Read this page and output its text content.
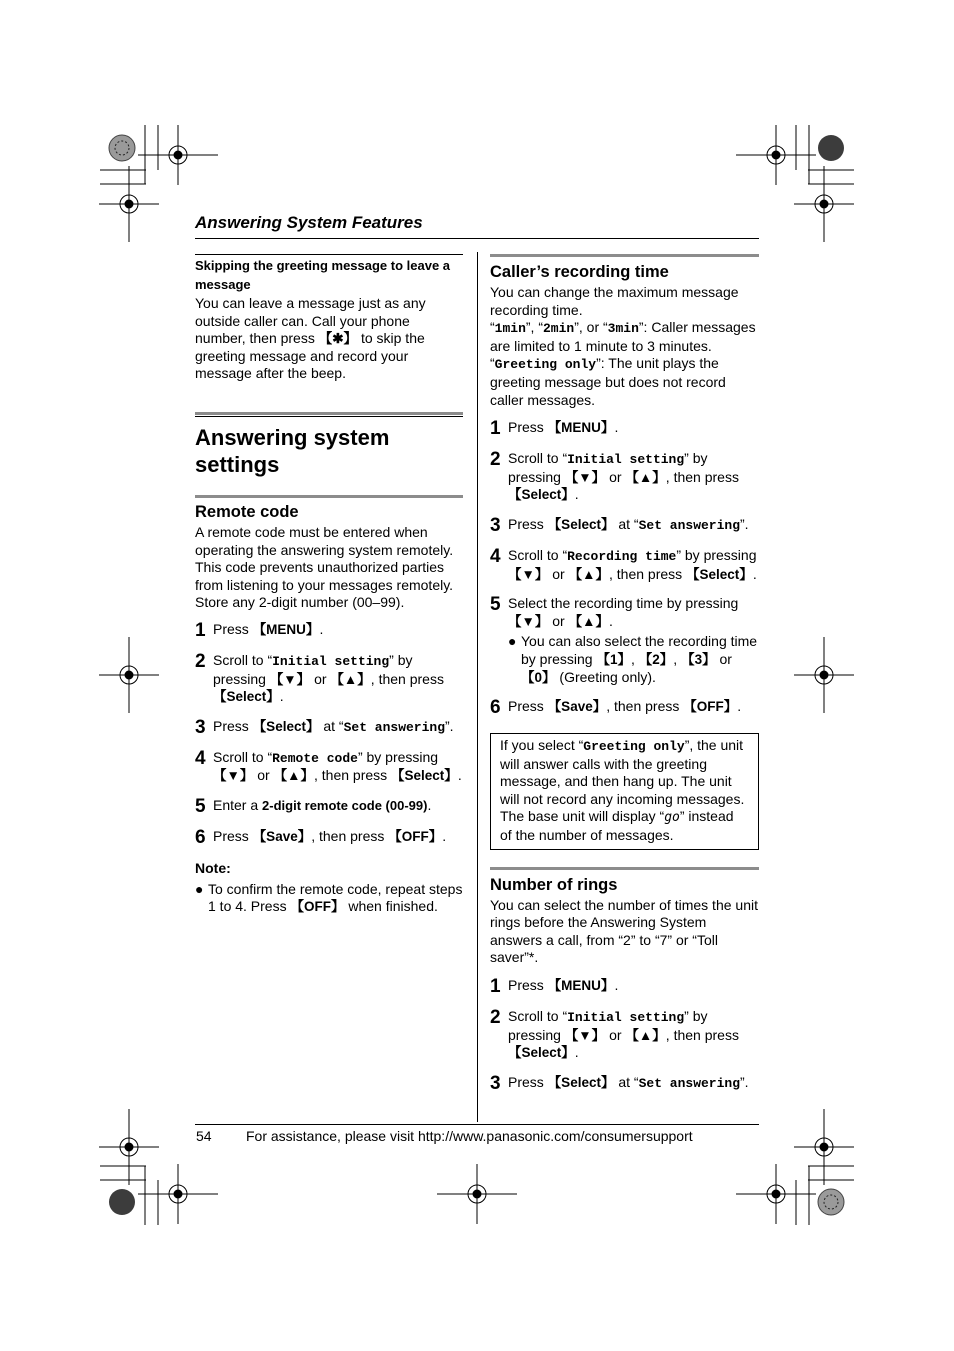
Answering System Features
Skipping the greeting message to leave a message
You can leave a message just as any outside caller can. Call your phone number, then press 【✱】 to skip the greeting message and record your message after the beep.
Answering system settings
Remote code
A remote code must be entered when operating the answering system remotely. This code prevents unauthorized parties from listening to your messages remotely. Store any 2-digit number (00–99).
1 Press 【MENU】.
2 Scroll to “Initial setting” by pressing 【▼】 or 【▲】, then press 【Select】.
3 Press 【Select】 at “Set answering”.
4 Scroll to “Remote code” by pressing 【▼】 or 【▲】, then press 【Select】.
5 Enter a 2-digit remote code (00-99).
6 Press 【Save】, then press 【OFF】.
Note:
● To confirm the remote code, repeat steps 1 to 4. Press 【OFF】 when finished.
Caller’s recording time
You can change the maximum message recording time.
“1min”, “2min”, or “3min”: Caller messages are limited to 1 minute to 3 minutes.
“Greeting only”: The unit plays the greeting message but does not record caller messages.
1 Press 【MENU】.
2 Scroll to “Initial setting” by pressing 【▼】 or 【▲】, then press 【Select】.
3 Press 【Select】 at “Set answering”.
4 Scroll to “Recording time” by pressing 【▼】 or 【▲】, then press 【Select】.
5 Select the recording time by pressing 【▼】 or 【▲】.
● You can also select the recording time by pressing 【1】, 【2】, 【3】 or 【0】 (Greeting only).
6 Press 【Save】, then press 【OFF】.
If you select “Greeting only”, the unit will answer calls with the greeting message, and then hang up. The unit will not record any incoming messages. The base unit will display “go” instead of the number of messages.
Number of rings
You can select the number of times the unit rings before the Answering System answers a call, from “2” to “7” or “Toll saver”*.
1 Press 【MENU】.
2 Scroll to “Initial setting” by pressing 【▼】 or 【▲】, then press 【Select】.
3 Press 【Select】 at “Set answering”.
54 For assistance, please visit http://www.panasonic.com/consumersupport
